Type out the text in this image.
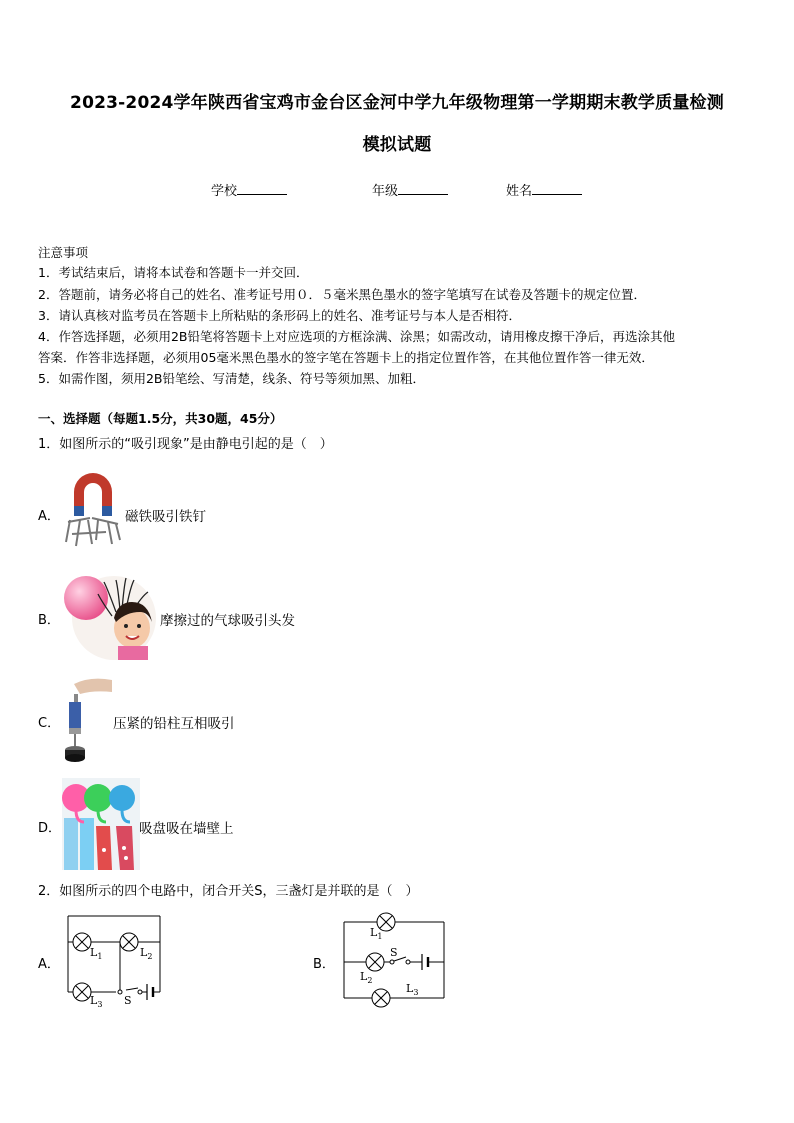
2023-2024学年陕西省宝鸡市金台区金河中学九年级物理第一学期期末教学质量检测
模拟试题
学校	年级	姓名
注意事项
1．考试结束后，请将本试卷和答题卡一并交回．
2．答题前，请务必将自己的姓名、准考证号用０．５毫米黑色墨水的签字笔填写在试卷及答题卡的规定位置．
3．请认真核对监考员在答题卡上所粘贴的条形码上的姓名、准考证号与本人是否相符．
4．作答选择题，必须用2B铅笔将答题卡上对应选项的方框涂满、涂黑；如需改动，请用橡皮擦干净后，再选涂其他
答案．作答非选择题，必须用05毫米黑色墨水的签字笔在答题卡上的指定位置作答，在其他位置作答一律无效．
5．如需作图，须用2B铅笔绘、写清楚，线条、符号等须加黑、加粗．
一、选择题（每题1.5分，共30题，45分）
1．如图所示的“吸引现象”是由静电引起的是（　）
A．	磁铁吸引铁钉
B．	摩擦过的气球吸引头发
C．	压紧的铅柱互相吸引
D．	吸盘吸在墙壁上
2．如图所示的四个电路中，闭合开关S，三盏灯是并联的是（　）
A．
$L_1$	$L_2$
$L_3$ S
B．
$L_1$
S
$L_2$
$L_3$
